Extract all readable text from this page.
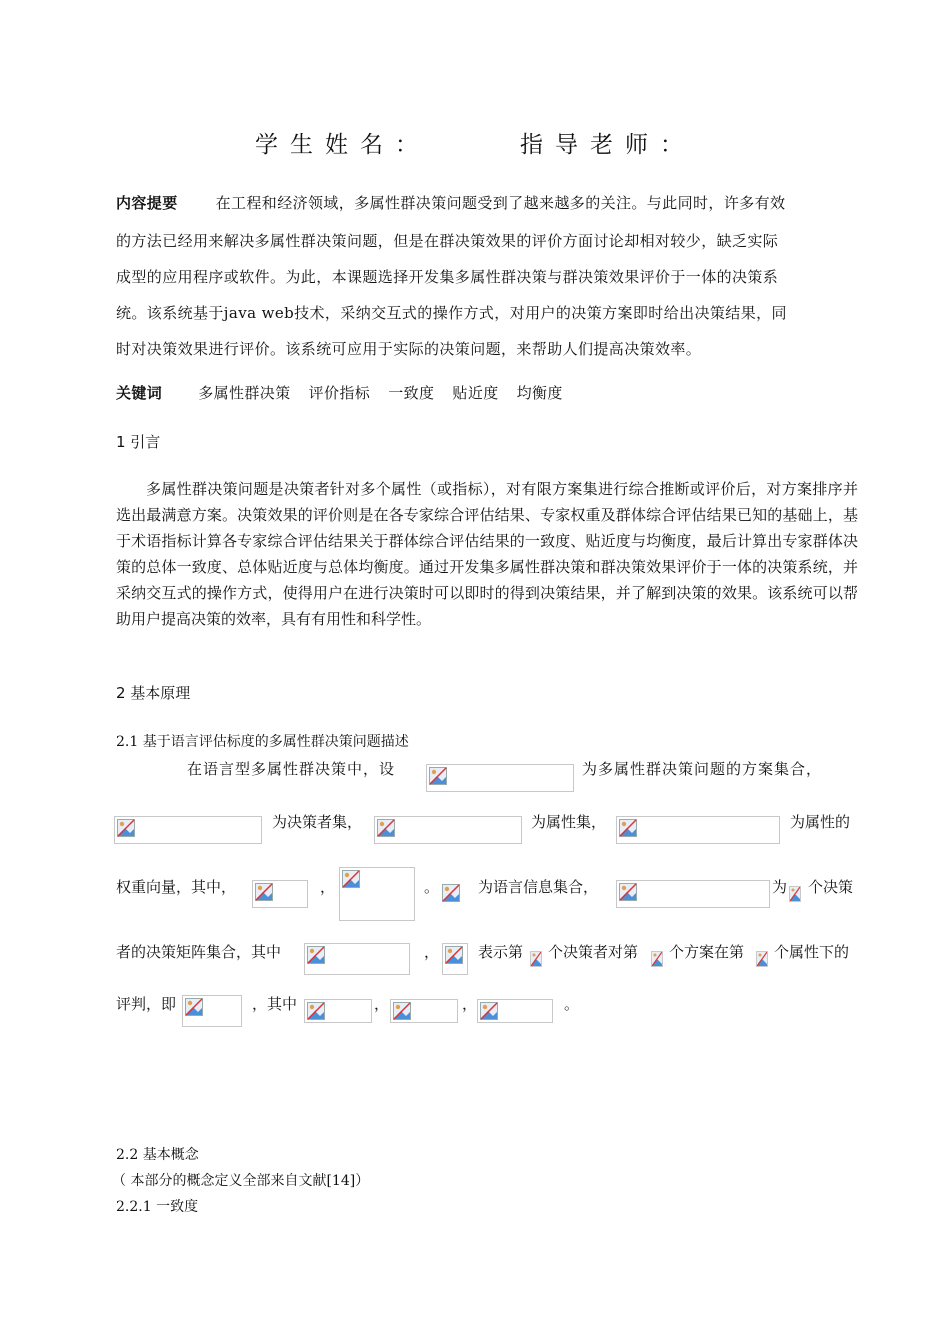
学生姓名：	指导老师：
内容提要	在工程和经济领域，多属性群决策问题受到了越来越多的关注。与此同时，许多有效
的方法已经用来解决多属性群决策问题，但是在群决策效果的评价方面讨论却相对较少，缺乏实际
成型的应用程序或软件。为此，本课题选择开发集多属性群决策与群决策效果评价于一体的决策系
统。该系统基于java web技术，采纳交互式的操作方式，对用户的决策方案即时给出决策结果，同
时对决策效果进行评价。该系统可应用于实际的决策问题，来帮助人们提高决策效率。
关键词 多属性群决策 评价指标 一致度 贴近度 均衡度
1 引言

多属性群决策问题是决策者针对多个属性（或指标），对有限方案集进行综合推断或评价后，对方案排序并选出最满意方案。决策效果的评价则是在各专家综合评估结果、专家权重及群体综合评估结果已知的基础上，基于术语指标计算各专家综合评估结果关于群体综合评估结果的一致度、贴近度与均衡度，最后计算出专家群体决策的总体一致度、总体贴近度与总体均衡度。通过开发集多属性群决策和群决策效果评价于一体的决策系统，并采纳交互式的操作方式，使得用户在进行决策时可以即时的得到决策结果，并了解到决策的效果。该系统可以帮助用户提高决策的效率，具有有用性和科学性。

2 基本原理
2.1 基于语言评估标度的多属性群决策问题描述
在语言型多属性群决策中，设	为多属性群决策问题的方案集合，
为决策者集，	为属性集，	为属性的
权重向量，其中，	，	。	为语言信息集合，	为 个决策
者的决策矩阵集合，其中	，	表示第 个决策者对第 个方案在第 个属性下的
评判，即	，其中	，	，	。
2.2 基本概念
（ 本部分的概念定义全部来自文献[14]）
2.2.1 一致度
